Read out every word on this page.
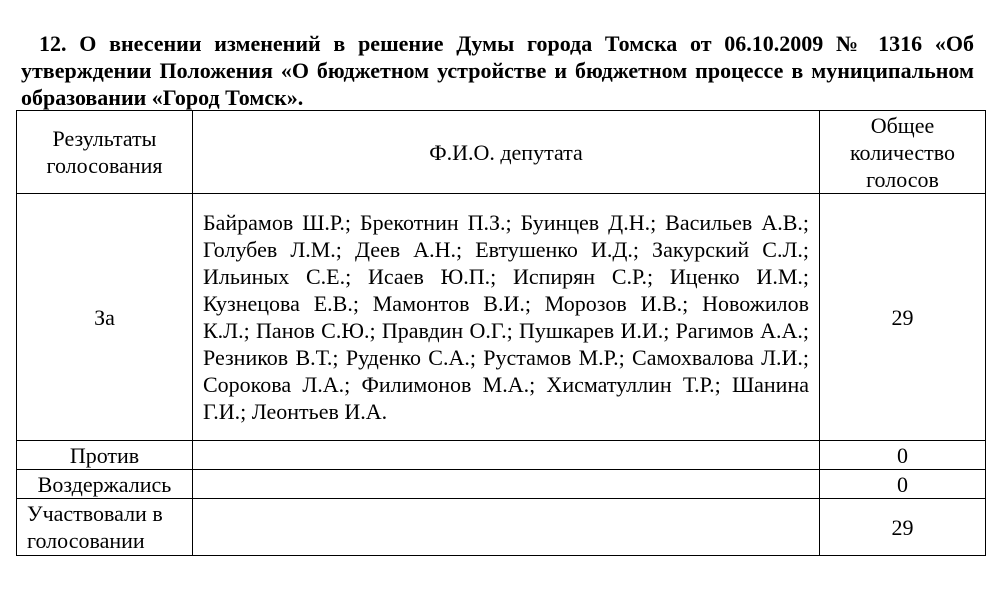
12. О внесении изменений в решение Думы города Томска от 06.10.2009 № 1316 «Об утверждении Положения «О бюджетном устройстве и бюджетном процессе в муниципальном образовании «Город Томск».
Результаты голосования	Ф.И.О. депутата	Общее количество голосов
За	Байрамов Ш.Р.; Брекотнин П.З.; Буинцев Д.Н.; Васильев А.В.; Голубев Л.М.; Деев А.Н.; Евтушенко И.Д.; Закурский С.Л.; Ильиных С.Е.; Исаев Ю.П.; Испирян С.Р.; Иценко И.М.; Кузнецова Е.В.; Мамонтов В.И.; Морозов И.В.; Новожилов К.Л.; Панов С.Ю.; Правдин О.Г.; Пушкарев И.И.; Рагимов А.А.; Резников В.Т.; Руденко С.А.; Рустамов М.Р.; Самохвалова Л.И.; Сорокова Л.А.; Филимонов М.А.; Хисматуллин Т.Р.; Шанина Г.И.; Леонтьев И.А.	29
Против		0
Воздержались		0
Участвовали в голосовании		29
